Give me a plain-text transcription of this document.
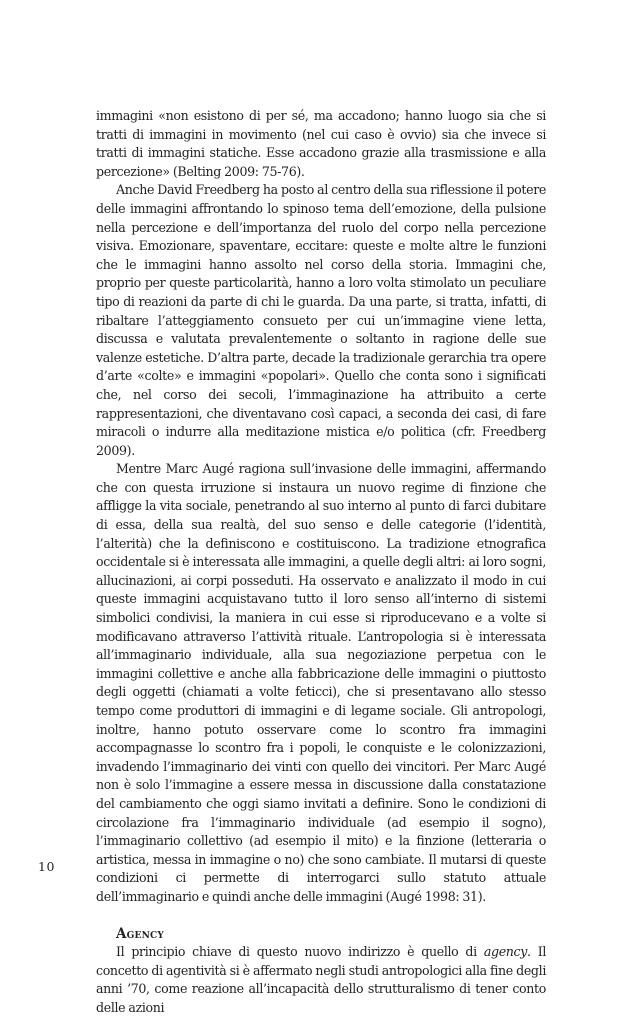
immagini «non esistono di per sé, ma accadono; hanno luogo sia che si tratti di immagini in movimento (nel cui caso è ovvio) sia che invece si tratti di immagini statiche. Esse accadono grazie alla trasmissione e alla percezione» (Belting 2009: 75-76).

Anche David Freedberg ha posto al centro della sua riflessione il potere delle immagini affrontando lo spinoso tema dell’emozione, della pulsione nella percezione e dell’importanza del ruolo del corpo nella percezione visiva. Emozionare, spaventare, eccitare: queste e molte altre le funzioni che le immagini hanno assolto nel corso della storia. Immagini che, proprio per queste particolarità, hanno a loro volta stimolato un peculiare tipo di reazioni da parte di chi le guarda. Da una parte, si tratta, infatti, di ribaltare l’atteggiamento consueto per cui un’immagine viene letta, discussa e valutata prevalentemente o soltanto in ragione delle sue valenze estetiche. D’altra parte, decade la tradizionale gerarchia tra opere d’arte «colte» e immagini «popolari». Quello che conta sono i significati che, nel corso dei secoli, l’immaginazione ha attribuito a certe rappresentazioni, che diventavano così capaci, a seconda dei casi, di fare miracoli o indurre alla meditazione mistica e/o politica (cfr. Freedberg 2009).

Mentre Marc Augé ragiona sull’invasione delle immagini, affermando che con questa irruzione si instaura un nuovo regime di finzione che affligge la vita sociale, penetrando al suo interno al punto di farci dubitare di essa, della sua realtà, del suo senso e delle categorie (l’identità, l’alterità) che la definiscono e costituiscono. La tradizione etnografica occidentale si è interessata alle immagini, a quelle degli altri: ai loro sogni, allucinazioni, ai corpi posseduti. Ha osservato e analizzato il modo in cui queste immagini acquistavano tutto il loro senso all’interno di sistemi simbolici condivisi, la maniera in cui esse si riproducevano e a volte si modificavano attraverso l’attività rituale. L’antropologia si è interessata all’immaginario individuale, alla sua negoziazione perpetua con le immagini collettive e anche alla fabbricazione delle immagini o piuttosto degli oggetti (chiamati a volte feticci), che si presentavano allo stesso tempo come produttori di immagini e di legame sociale. Gli antropologi, inoltre, hanno potuto osservare come lo scontro fra immagini accompagnasse lo scontro fra i popoli, le conquiste e le colonizzazioni, invadendo l’immaginario dei vinti con quello dei vincitori. Per Marc Augé non è solo l’immagine a essere messa in discussione dalla constatazione del cambiamento che oggi siamo invitati a definire. Sono le condizioni di circolazione fra l’immaginario individuale (ad esempio il sogno), l’immaginario collettivo (ad esempio il mito) e la finzione (letteraria o artistica, messa in immagine o no) che sono cambiate. Il mutarsi di queste condizioni ci permette di interrogarci sullo statuto attuale dell’immaginario e quindi anche delle immagini (Augé 1998: 31).

Agency

Il principio chiave di questo nuovo indirizzo è quello di agency. Il concetto di agentività si è affermato negli studi antropologici alla fine degli anni ’70, come reazione all’incapacità dello strutturalismo di tener conto delle azioni

10
